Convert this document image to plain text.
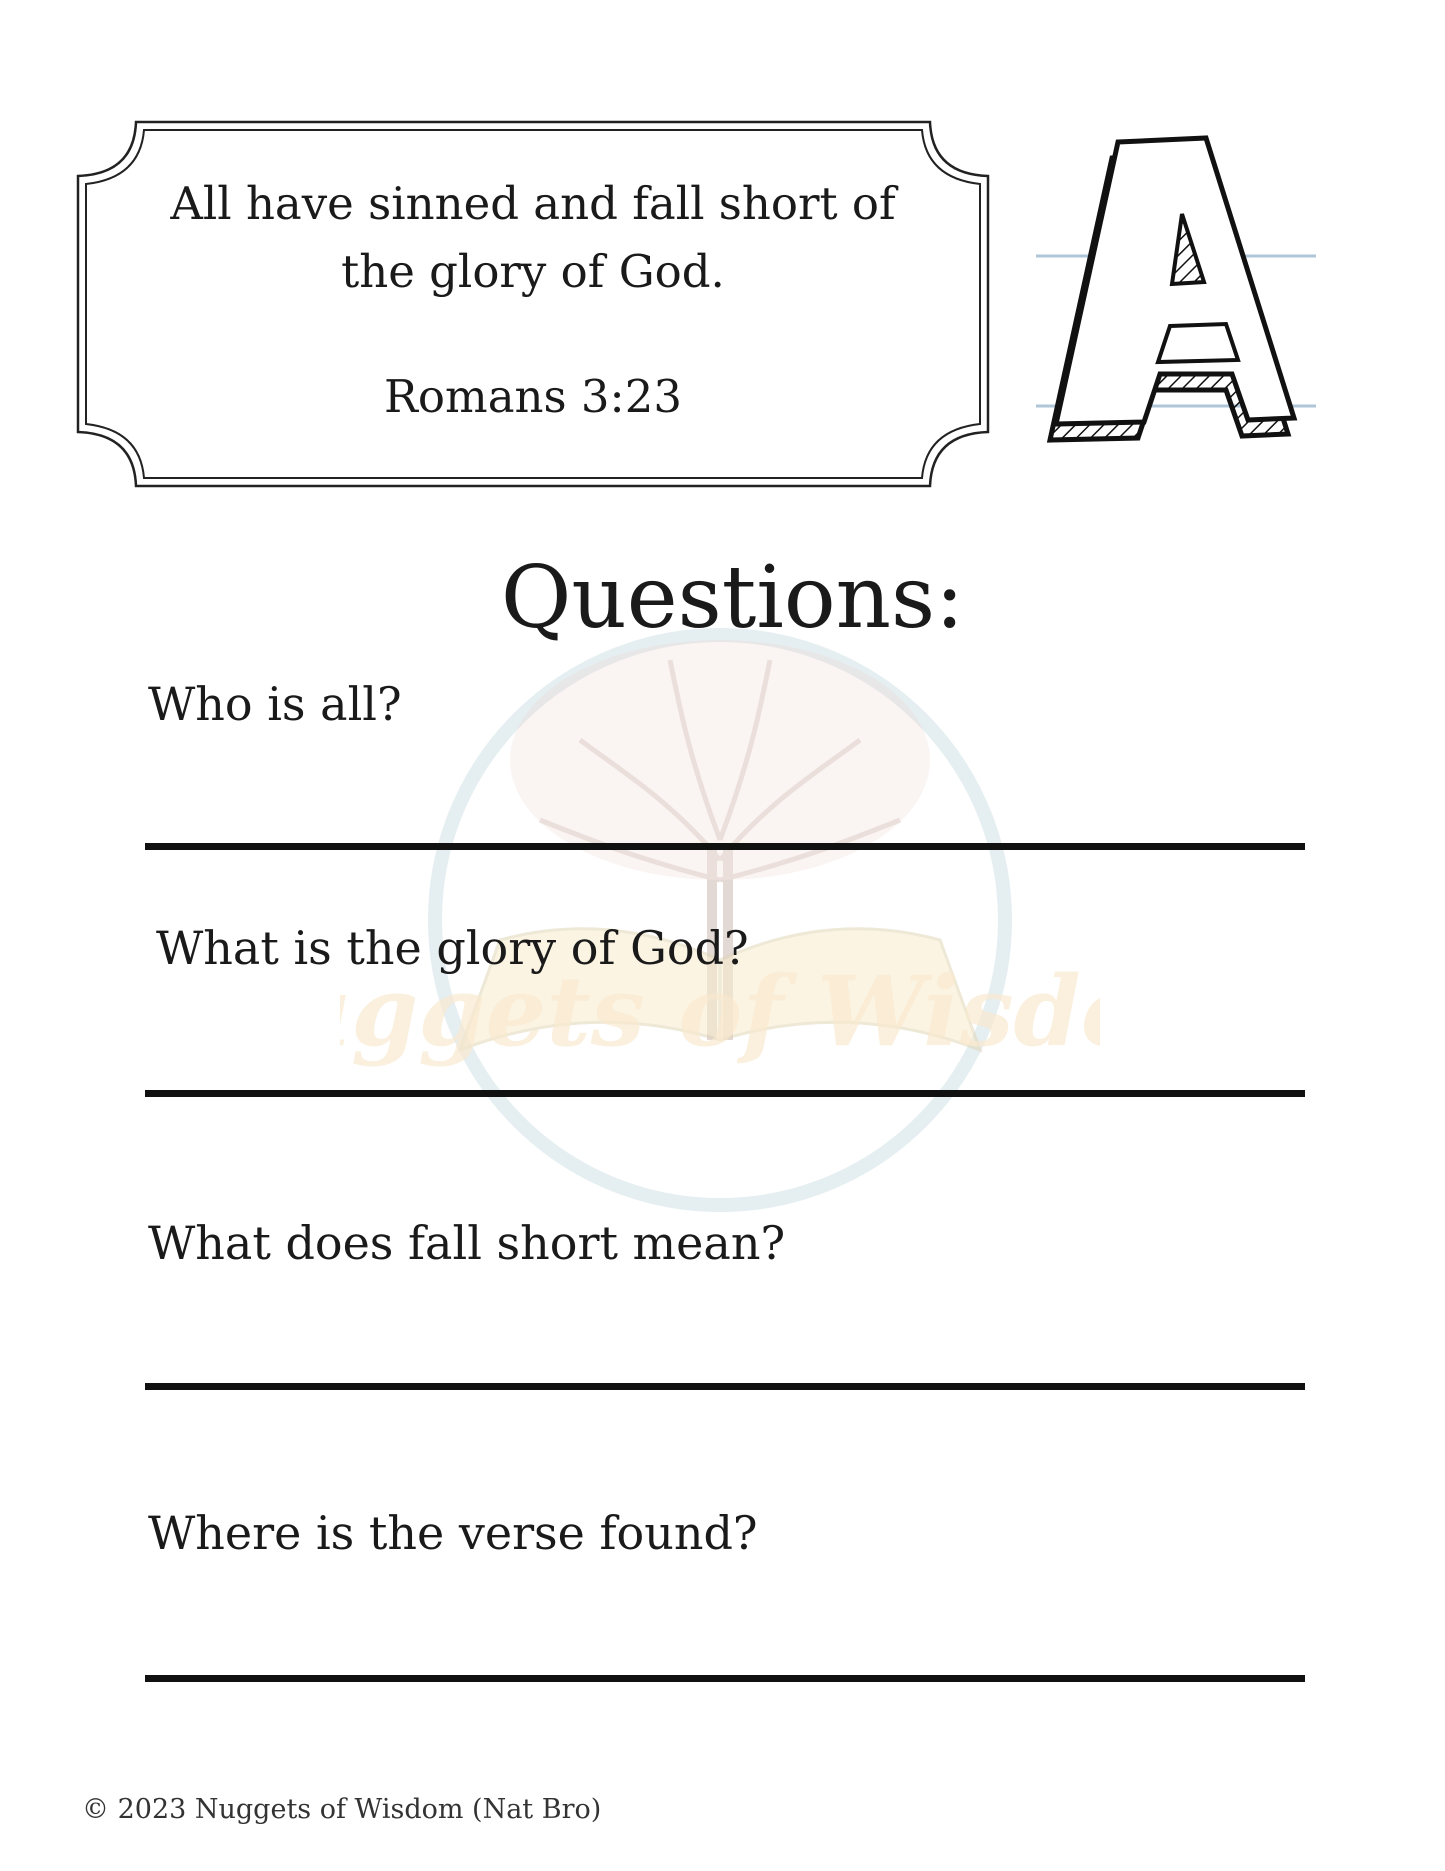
ggets of Wisd
All have sinned and fall short of
the glory of God.
Romans 3:23
Questions:
Who is all?
What is the glory of God?
What does fall short mean?
Where is the verse found?
© 2023 Nuggets of Wisdom (Nat Bro)
